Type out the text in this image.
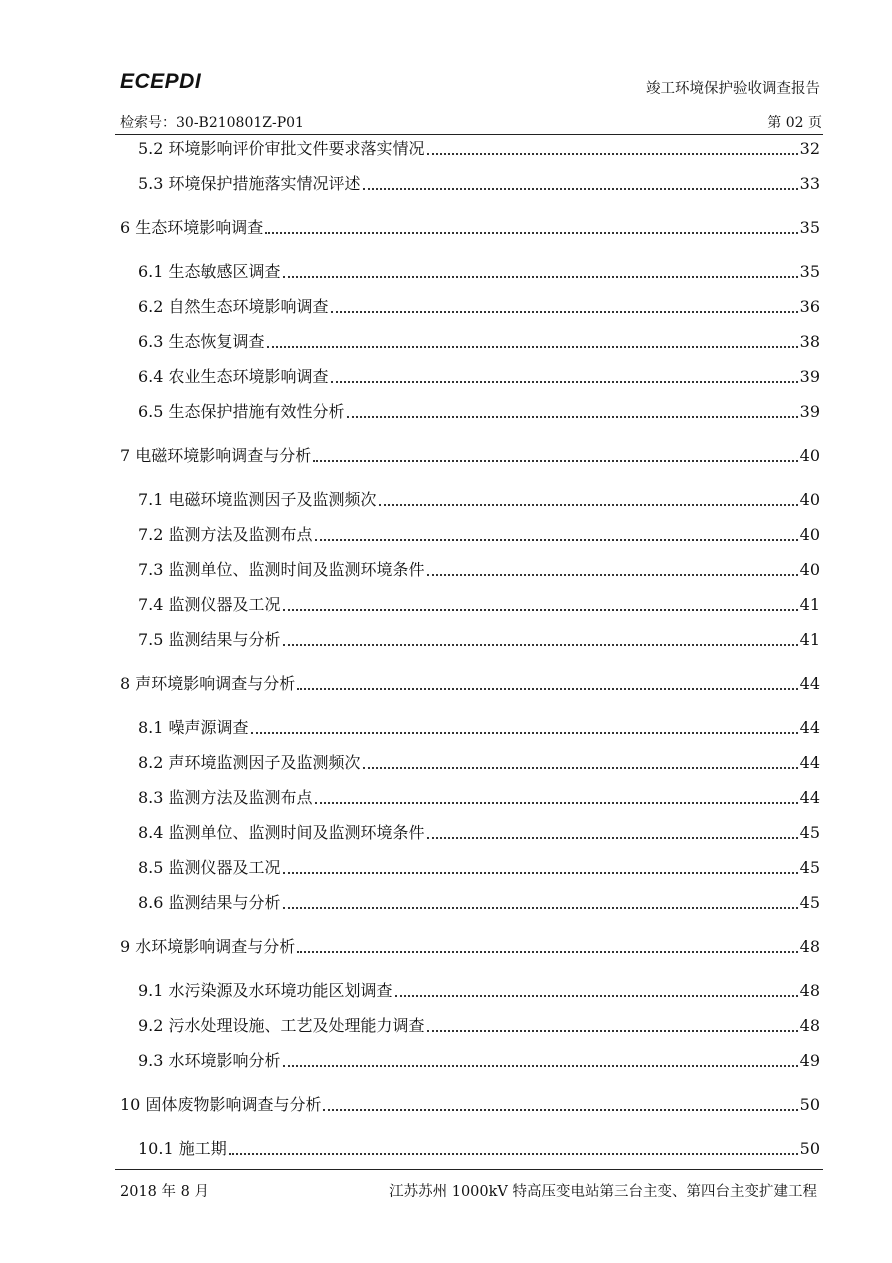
ECEPDI	竣工环境保护验收调查报告
检索号：30-B210801Z-P01	第 02 页
5.2 环境影响评价审批文件要求落实情况	32
5.3 环境保护措施落实情况评述	33
6 生态环境影响调查	35
6.1 生态敏感区调查	35
6.2 自然生态环境影响调查	36
6.3 生态恢复调查	38
6.4 农业生态环境影响调查	39
6.5 生态保护措施有效性分析	39
7 电磁环境影响调查与分析	40
7.1 电磁环境监测因子及监测频次	40
7.2 监测方法及监测布点	40
7.3 监测单位、监测时间及监测环境条件	40
7.4 监测仪器及工况	41
7.5 监测结果与分析	41
8 声环境影响调查与分析	44
8.1 噪声源调查	44
8.2 声环境监测因子及监测频次	44
8.3 监测方法及监测布点	44
8.4 监测单位、监测时间及监测环境条件	45
8.5 监测仪器及工况	45
8.6 监测结果与分析	45
9 水环境影响调查与分析	48
9.1 水污染源及水环境功能区划调查	48
9.2 污水处理设施、工艺及处理能力调查	48
9.3 水环境影响分析	49
10 固体废物影响调查与分析	50
10.1 施工期	50
2018 年 8 月	江苏苏州 1000kV 特高压变电站第三台主变、第四台主变扩建工程
